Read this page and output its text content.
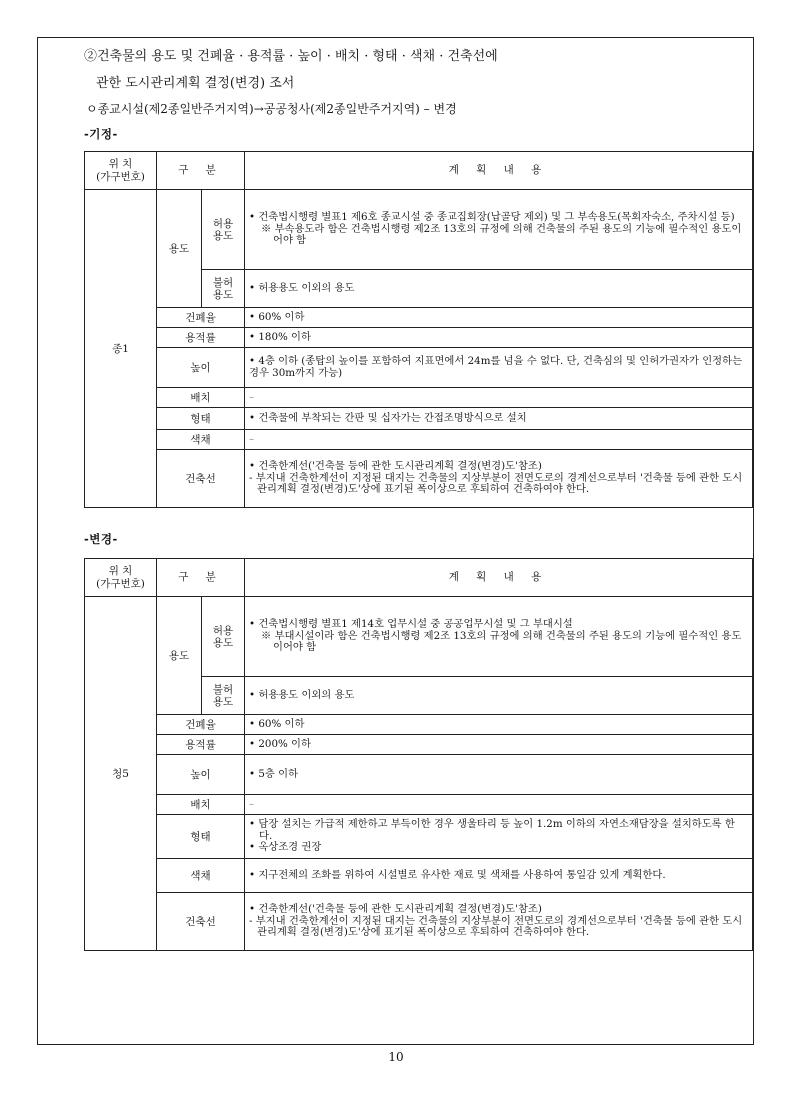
②건축물의 용도 및 건폐율 · 용적률 · 높이 · 배치 · 형태 · 색채 · 건축선에
관한 도시관리계획 결정(변경) 조서
ㅇ종교시설(제2종일반주거지역)→공공청사(제2종일반주거지역) – 변경
-기정-
위 치
(가구번호)	구 분		계 획 내 용
종1	용도	허용
용도	• 건축법시행령 별표1 제6호 종교시설 중 종교집회장(납골당 제외) 및 그 부속용도(목회자숙소, 주차시설 등)
※ 부속용도라 함은 건축법시행령 제2조 13호의 규정에 의해 건축물의 주된 용도의 기능에 필수적인 용도이어야 함

		불허
용도	• 허용용도 이외의 용도
	건폐율		• 60% 이하
	용적률		• 180% 이하
	높이		• 4층 이하 (종탑의 높이를 포함하여 지표면에서 24m를 넘을 수 없다. 단, 건축심의 및 인허가권자가 인정하는 경우 30m까지 가능)
	배치		–
	형태		• 건축물에 부착되는 간판 및 십자가는 간접조명방식으로 설치
	색채		–
	건축선		• 건축한계선('건축물 등에 관한 도시관리계획 결정(변경)도'참조)
- 부지내 건축한계선이 지정된 대지는 건축물의 지상부분이 전면도로의 경계선으로부터 '건축물 등에 관한 도시관리계획 결정(변경)도'상에 표기된 폭이상으로 후퇴하여 건축하여야 한다.
-변경-
위 치
(가구번호)	구 분		계 획 내 용
청5	용도	허용
용도	• 건축법시행령 별표1 제14호 업무시설 중 공공업무시설 및 그 부대시설
※ 부대시설이라 함은 건축법시행령 제2조 13호의 규정에 의해 건축물의 주된 용도의 기능에 필수적인 용도이어야 함

		불허
용도	• 허용용도 이외의 용도
	건폐율		• 60% 이하
	용적률		• 200% 이하
	높이		• 5층 이하
	배치		–
	형태		• 담장 설치는 가급적 제한하고 부득이한 경우 생울타리 등 높이 1.2m 이하의 자연소재담장을 설치하도록 한다.
• 옥상조경 권장

	색채		• 지구전체의 조화를 위하여 시설별로 유사한 재료 및 색채를 사용하여 통일감 있게 계획한다.
	건축선		• 건축한계선('건축물 등에 관한 도시관리계획 결정(변경)도'참조)
- 부지내 건축한계선이 지정된 대지는 건축물의 지상부분이 전면도로의 경계선으로부터 '건축물 등에 관한 도시관리계획 결정(변경)도'상에 표기된 폭이상으로 후퇴하여 건축하여야 한다.
10
